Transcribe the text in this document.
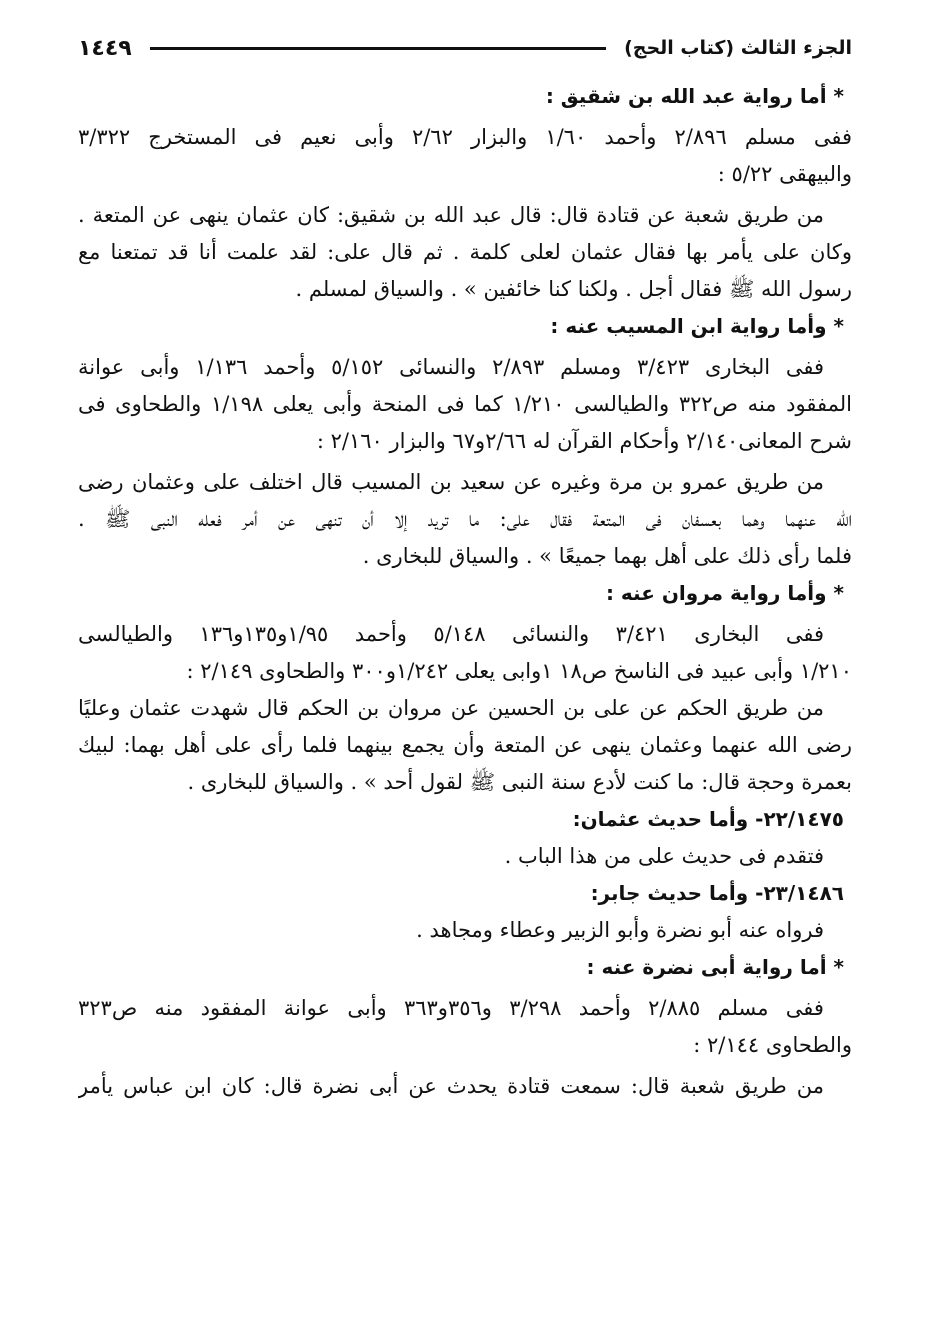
الجزء الثالث (كتاب الحج)
١٤٤٩
* أما رواية عبد الله بن شقيق :
ففى مسلم ٢/٨٩٦ وأحمد ١/٦٠ والبزار ٢/٦٢ وأبى نعيم فى المستخرج ٣/٣٢٢
والبيهقى ٥/٢٢ :
من طريق شعبة عن قتادة قال: قال عبد الله بن شقيق: كان عثمان ينهى عن المتعة .
وكان على يأمر بها فقال عثمان لعلى كلمة . ثم قال على: لقد علمت أنا قد تمتعنا مع
رسول الله ﷺ فقال أجل . ولكنا كنا خائفين » . والسياق لمسلم .
* وأما رواية ابن المسيب عنه :
ففى البخارى ٣/٤٢٣ ومسلم ٢/٨٩٣ والنسائى ٥/١٥٢ وأحمد ١/١٣٦ وأبى عوانة
المفقود منه ص٣٢٢ والطيالسى ١/٢١٠ كما فى المنحة وأبى يعلى ١/١٩٨ والطحاوى فى
شرح المعانى٢/١٤٠ وأحكام القرآن له ٢/٦٦و٦٧ والبزار ٢/١٦٠ :
من طريق عمرو بن مرة وغيره عن سعيد بن المسيب قال اختلف على وعثمان رضى
الله عنهما وهما بعسفان فى المتعة فقال على: ما تريد إلا أن تنهى عن أمر فعله النبى ﷺ .
فلما رأى ذلك على أهل بهما جميعًا » . والسياق للبخارى .
* وأما رواية مروان عنه :
ففى البخارى ٣/٤٢١ والنسائى ٥/١٤٨ وأحمد ١/٩٥و١٣٥و١٣٦ والطيالسى
١/٢١٠ وأبى عبيد فى الناسخ ص١٨ ١وابى يعلى ١/٢٤٢و٣٠٠ والطحاوى ٢/١٤٩ :
من طريق الحكم عن على بن الحسين عن مروان بن الحكم قال شهدت عثمان وعليًا
رضى الله عنهما وعثمان ينهى عن المتعة وأن يجمع بينهما فلما رأى على أهل بهما: لبيك
بعمرة وحجة قال: ما كنت لأدع سنة النبى ﷺ لقول أحد » . والسياق للبخارى .
٢٢/١٤٧٥- وأما حديث عثمان:
فتقدم فى حديث على من هذا الباب .
٢٣/١٤٨٦- وأما حديث جابر:
فرواه عنه أبو نضرة وأبو الزبير وعطاء ومجاهد .
* أما رواية أبى نضرة عنه :
ففى مسلم ٢/٨٨٥ وأحمد ٣/٢٩٨ و٣٥٦و٣٦٣ وأبى عوانة المفقود منه ص٣٢٣
والطحاوى ٢/١٤٤ :
من طريق شعبة قال: سمعت قتادة يحدث عن أبى نضرة قال: كان ابن عباس يأمر
